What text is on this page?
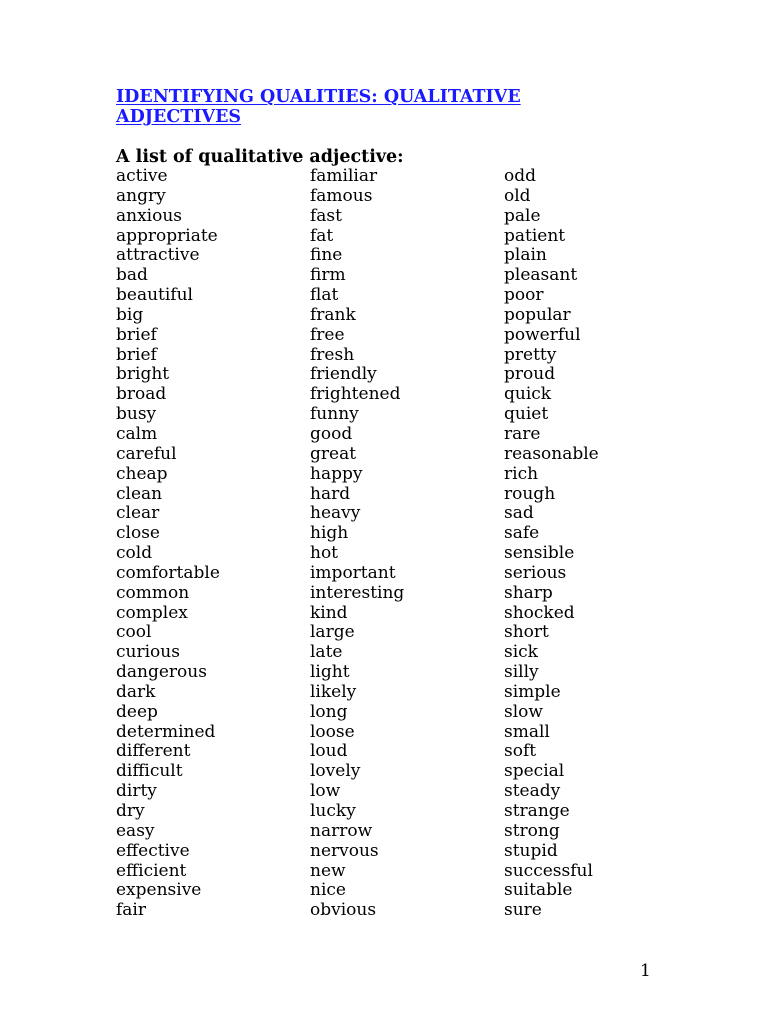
IDENTIFYING QUALITIES: QUALITATIVE
ADJECTIVES
A list of qualitative adjective:
active
angry
anxious
appropriate
attractive
bad
beautiful
big
brief
brief
bright
broad
busy
calm
careful
cheap
clean
clear
close
cold
comfortable
common
complex
cool
curious
dangerous
dark
deep
determined
different
difficult
dirty
dry
easy
effective
efficient
expensive
fair
familiar
famous
fast
fat
fine
firm
flat
frank
free
fresh
friendly
frightened
funny
good
great
happy
hard
heavy
high
hot
important
interesting
kind
large
late
light
likely
long
loose
loud
lovely
low
lucky
narrow
nervous
new
nice
obvious
odd
old
pale
patient
plain
pleasant
poor
popular
powerful
pretty
proud
quick
quiet
rare
reasonable
rich
rough
sad
safe
sensible
serious
sharp
shocked
short
sick
silly
simple
slow
small
soft
special
steady
strange
strong
stupid
successful
suitable
sure
1
